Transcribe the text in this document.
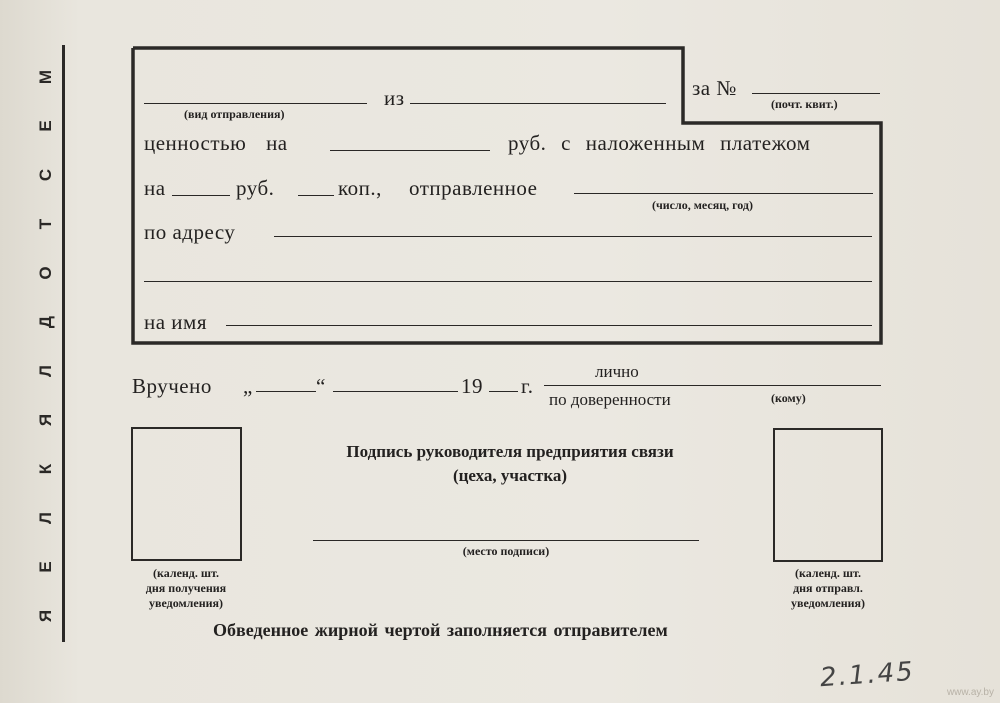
М
Е
С
Т
О
Д
Л
Я
К
Л
Е
Я
(вид отправления)
из	за №
(почт. квит.)
ценностью на	руб. с наложенным платежом
на	руб.	коп., отправленное
(число, месяц, год)
по адресу
на имя
Вручено „	“	19 г.
лично
по доверенности	(кому)
(календ. шт.
дня получения
уведомления)
(календ. шт.
дня отправл.
уведомления)
Подпись руководителя предприятия связи
(цеха, участка)
(место подписи)
Обведенное жирной чертой заполняется отправителем
2.1.45	www.ay.by
